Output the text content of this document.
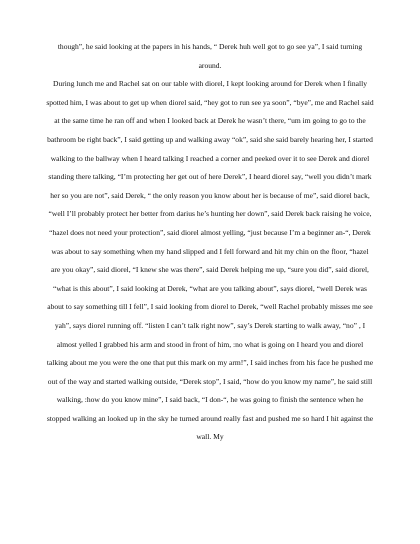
though”, he said looking at the papers in his hands, “ Derek huh well got to go see ya”, I said turning around.

During lunch me and Rachel sat on our table with diorel, I kept looking around for Derek when I finally spotted him, I was about to get up when diorel said, “hey got to run see ya soon”, “bye”, me and Rachel said at the same time he ran off and when I looked back at Derek he wasn’t there, “um im going to go to the bathroom be right back”, I said getting up and walking away “ok”, said she said barely hearing her, I started walking to the ballway when I heard talking I reached a corner and peeked over it to see Derek and diorel standing there talking, “I’m protecting her get out of here Derek”, I heard diorel say, “well you didn’t mark her so you are not”, said Derek, “ the only reason you know about her is because of me”, said diorel back, “well I’ll probably protect her better from darius he’s hunting her down”, said Derek back raising he voice, “hazel does not need your protection”, said diorel almost yelling, “just because I’m a beginner an-“, Derek was about to say something when my hand slipped and I fell forward and hit my chin on the floor, “hazel are you okay”, said diorel, “I knew she was there”, said Derek helping me up, “sure you did”, said diorel, “what is this about”, I said looking at Derek, “what are you talking about”, says diorel, “well Derek was about to say something till I fell”, I said looking from diorel to Derek, “well Rachel probably misses me see yah”, says diorel running off. “listen I can’t talk right now”, say’s Derek starting to walk away, “no” , I almost yelled I grabbed his arm and stood in front of him, :no what is going on I heard you and diorel talking about me you were the one that put this mark on my arm!”, I said inches from his face he pushed me out of the way and started walking outside, “Derek stop”, I said, “how do you know my name”, he said still walking, :how do you know mine”, I said back, “I don-“, he was going to finish the sentence when he stopped walking an looked up in the sky he turned around really fast and pushed me so hard I hit against the wall. My
